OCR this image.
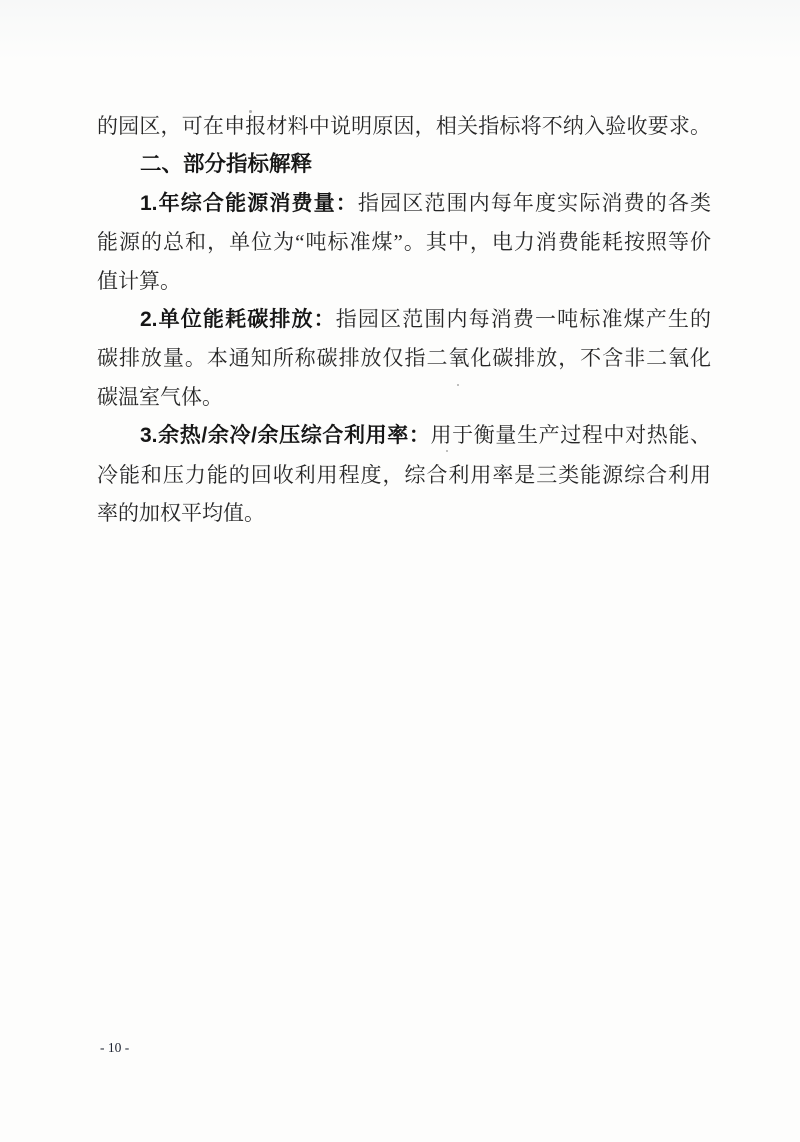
的园区，可在申报材料中说明原因，相关指标将不纳入验收要求。
二、部分指标解释
1.年综合能源消费量：指园区范围内每年度实际消费的各类
能源的总和，单位为“吨标准煤”。其中，电力消费能耗按照等价
值计算。
2.单位能耗碳排放：指园区范围内每消费一吨标准煤产生的
碳排放量。本通知所称碳排放仅指二氧化碳排放，不含非二氧化
碳温室气体。
3.余热/余冷/余压综合利用率：用于衡量生产过程中对热能、
冷能和压力能的回收利用程度，综合利用率是三类能源综合利用
率的加权平均值。
- 10 -
